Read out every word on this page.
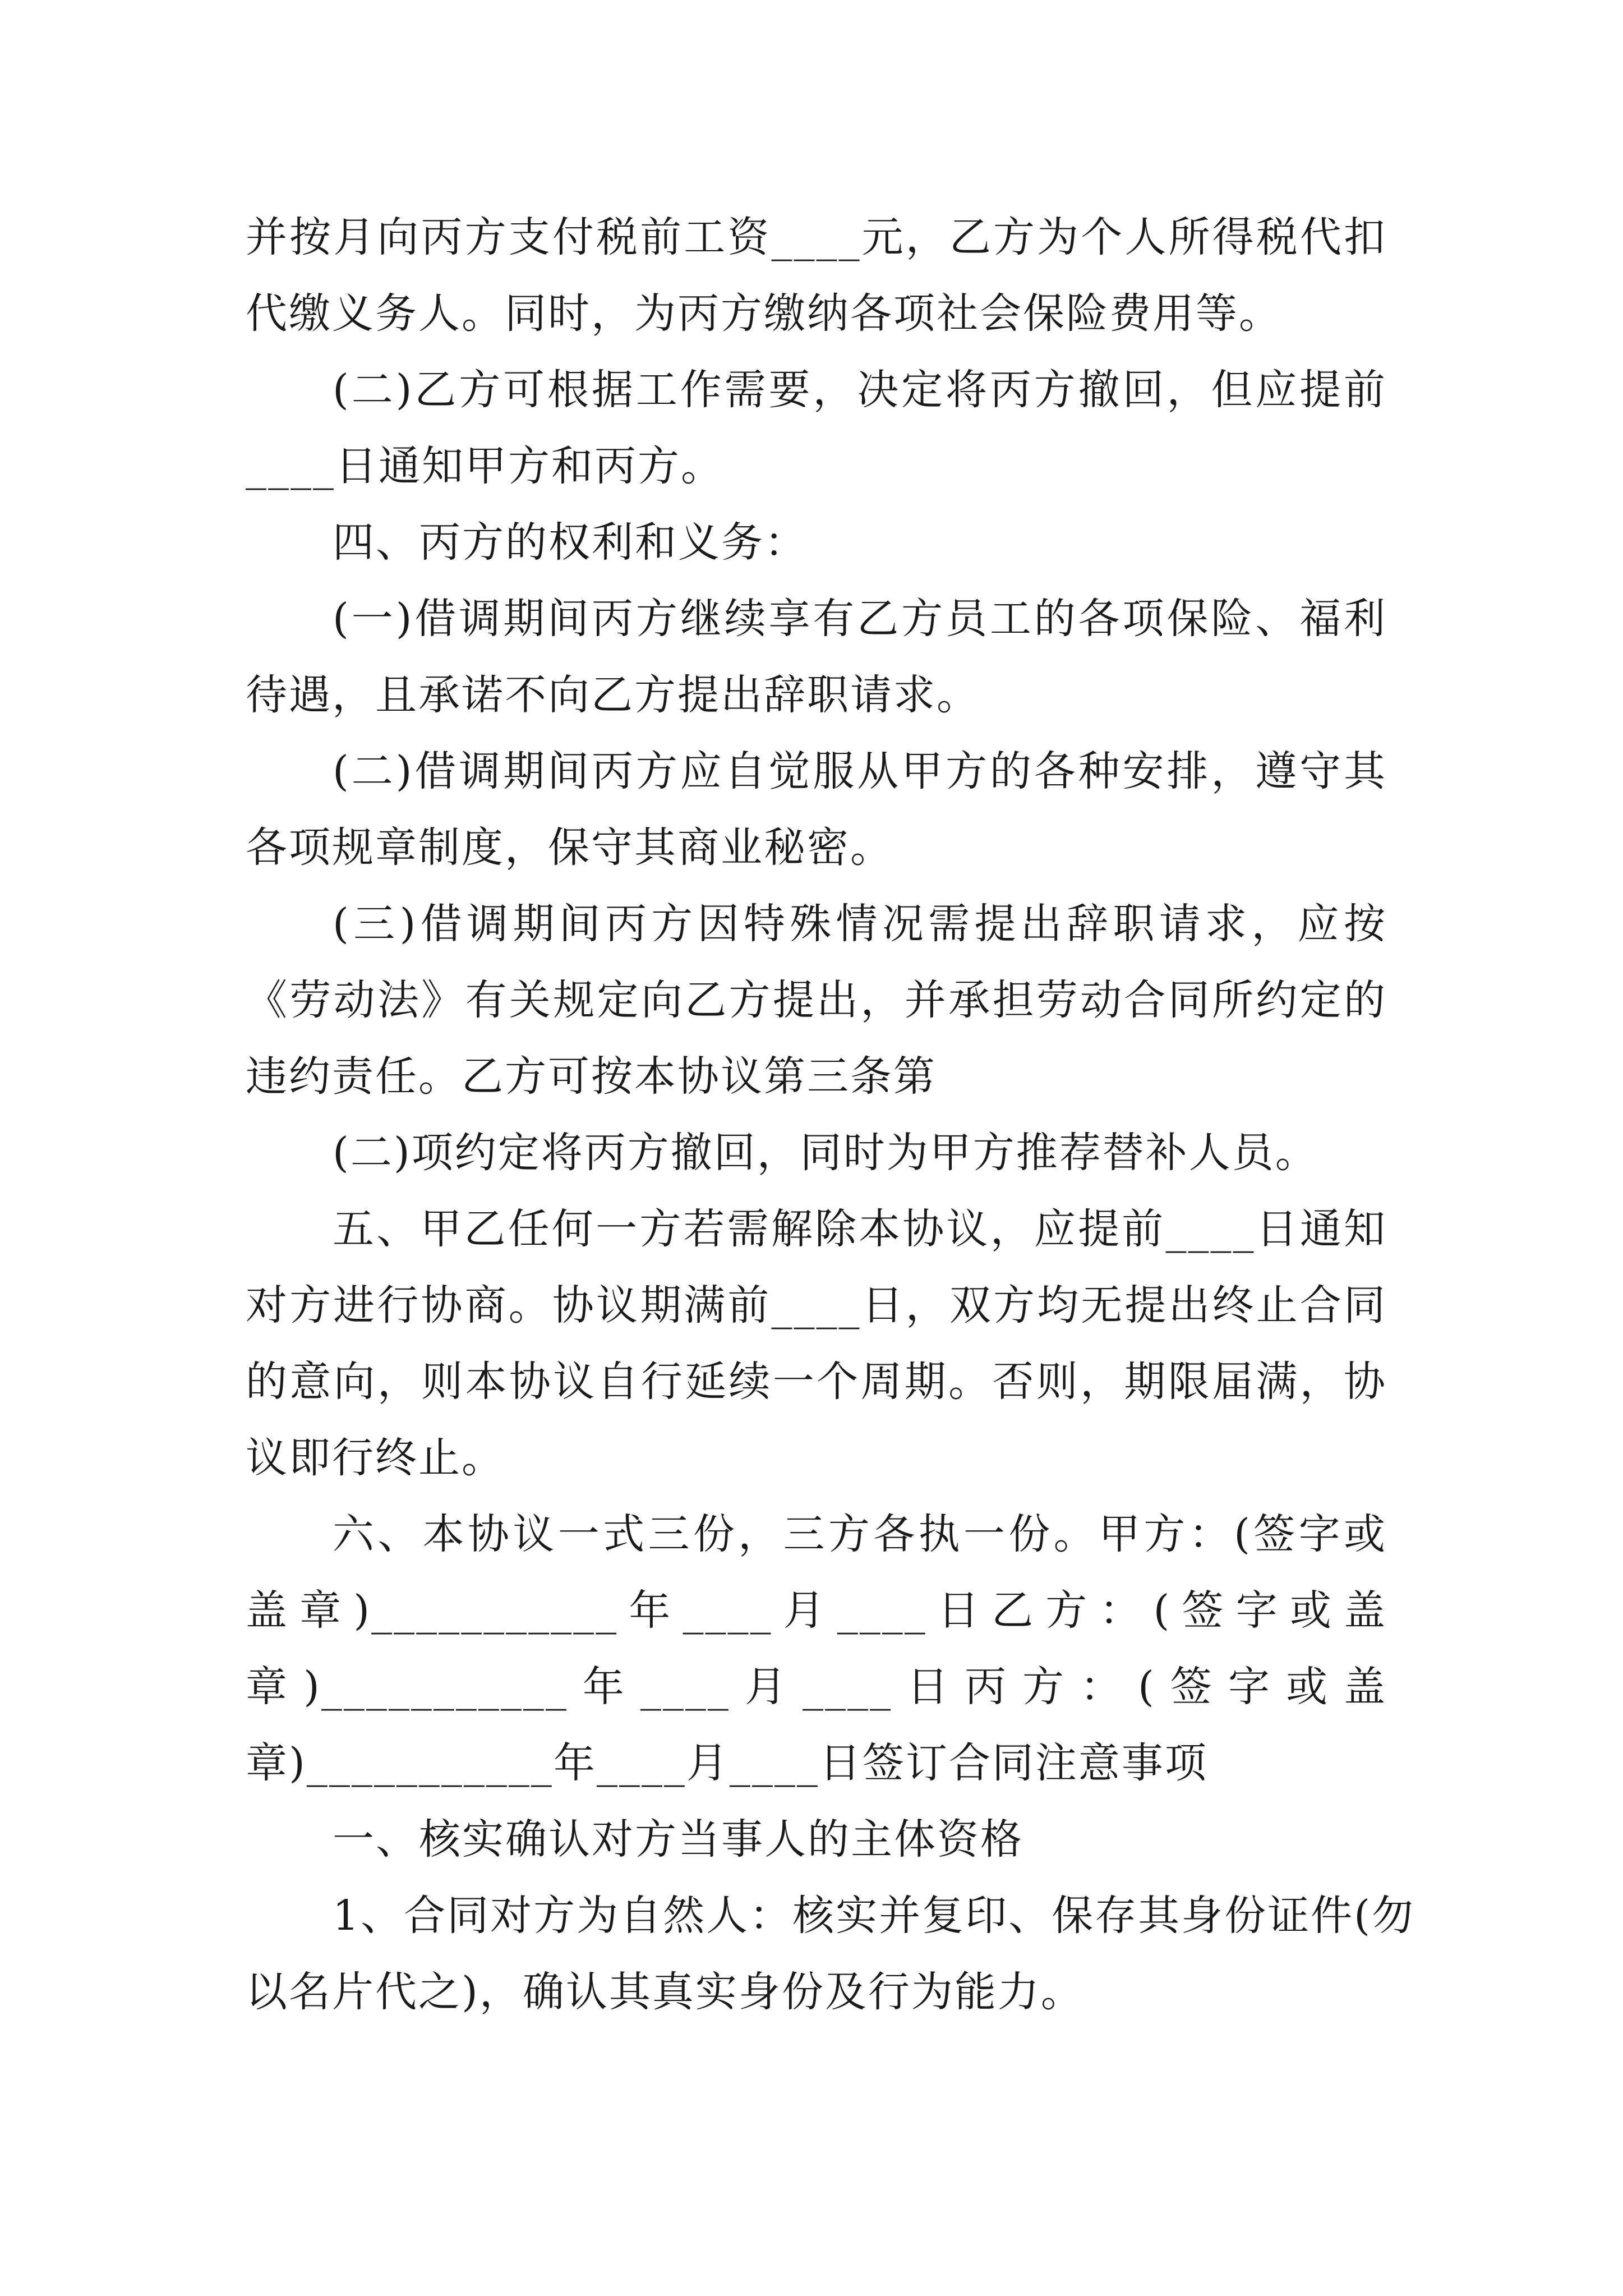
并按月向丙方支付税前工资____元，乙方为个人所得税代扣
代缴义务人。同时，为丙方缴纳各项社会保险费用等。
(二)乙方可根据工作需要，决定将丙方撤回，但应提前
____日通知甲方和丙方。
四、丙方的权利和义务：
(一)借调期间丙方继续享有乙方员工的各项保险、福利
待遇，且承诺不向乙方提出辞职请求。
(二)借调期间丙方应自觉服从甲方的各种安排，遵守其
各项规章制度，保守其商业秘密。
(三)借调期间丙方因特殊情况需提出辞职请求，应按
《劳动法》有关规定向乙方提出，并承担劳动合同所约定的
违约责任。乙方可按本协议第三条第
(二)项约定将丙方撤回，同时为甲方推荐替补人员。
五、甲乙任何一方若需解除本协议，应提前____日通知
对方进行协商。协议期满前____日，双方均无提出终止合同
的意向，则本协议自行延续一个周期。否则，期限届满，协
议即行终止。
六、本协议一式三份，三方各执一份。甲方：(签字或
盖章)___________年____月____日乙方：(签字或盖
章)___________年____月____日丙方：(签字或盖
章)___________年____月____日签订合同注意事项
一、核实确认对方当事人的主体资格
1、合同对方为自然人：核实并复印、保存其身份证件(勿
以名片代之)，确认其真实身份及行为能力。
